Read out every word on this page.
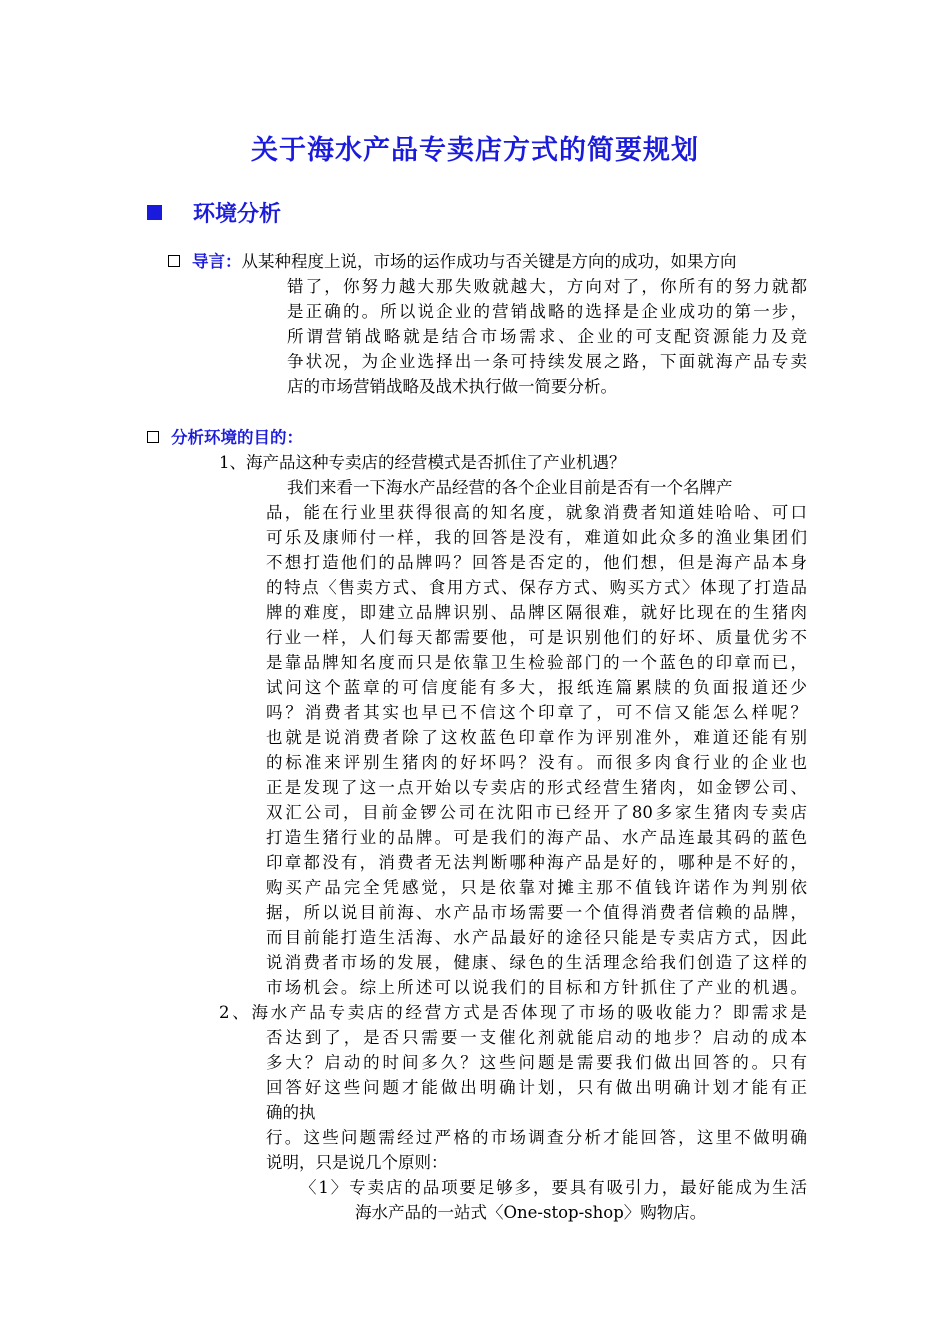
关于海水产品专卖店方式的简要规划
环境分析
导言：从某种程度上说，市场的运作成功与否关键是方向的成功，如果方向
错了，你努力越大那失败就越大，方向对了，你所有的努力就都
是正确的。所以说企业的营销战略的选择是企业成功的第一步，
所谓营销战略就是结合市场需求、企业的可支配资源能力及竞
争状况，为企业选择出一条可持续发展之路，下面就海产品专卖
店的市场营销战略及战术执行做一简要分析。
分析环境的目的：
1、海产品这种专卖店的经营模式是否抓住了产业机遇？
我们来看一下海水产品经营的各个企业目前是否有一个名牌产
品，能在行业里获得很高的知名度，就象消费者知道娃哈哈、可口
可乐及康师付一样，我的回答是没有，难道如此众多的渔业集团们
不想打造他们的品牌吗？回答是否定的，他们想，但是海产品本身
的特点〈售卖方式、食用方式、保存方式、购买方式〉体现了打造品
牌的难度，即建立品牌识别、品牌区隔很难，就好比现在的生猪肉
行业一样，人们每天都需要他，可是识别他们的好坏、质量优劣不
是靠品牌知名度而只是依靠卫生检验部门的一个蓝色的印章而已，
试问这个蓝章的可信度能有多大，报纸连篇累牍的负面报道还少
吗？消费者其实也早已不信这个印章了，可不信又能怎么样呢？
也就是说消费者除了这枚蓝色印章作为评别准外，难道还能有别
的标准来评别生猪肉的好坏吗？没有。而很多肉食行业的企业也
正是发现了这一点开始以专卖店的形式经营生猪肉，如金锣公司、
双汇公司，目前金锣公司在沈阳市已经开了80多家生猪肉专卖店
打造生猪行业的品牌。可是我们的海产品、水产品连最其码的蓝色
印章都没有，消费者无法判断哪种海产品是好的，哪种是不好的，
购买产品完全凭感觉，只是依靠对摊主那不值钱许诺作为判别依
据，所以说目前海、水产品市场需要一个值得消费者信赖的品牌，
而目前能打造生活海、水产品最好的途径只能是专卖店方式，因此
说消费者市场的发展，健康、绿色的生活理念给我们创造了这样的
市场机会。综上所述可以说我们的目标和方针抓住了产业的机遇。
2、海水产品专卖店的经营方式是否体现了市场的吸收能力？即需求是
否达到了，是否只需要一支催化剂就能启动的地步？启动的成本
多大？启动的时间多久？这些问题是需要我们做出回答的。只有
回答好这些问题才能做出明确计划，只有做出明确计划才能有正
确的执
行。这些问题需经过严格的市场调查分析才能回答，这里不做明确
说明，只是说几个原则：
〈1〉专卖店的品项要足够多，要具有吸引力，最好能成为生活
海水产品的一站式〈One-stop-shop〉购物店。
